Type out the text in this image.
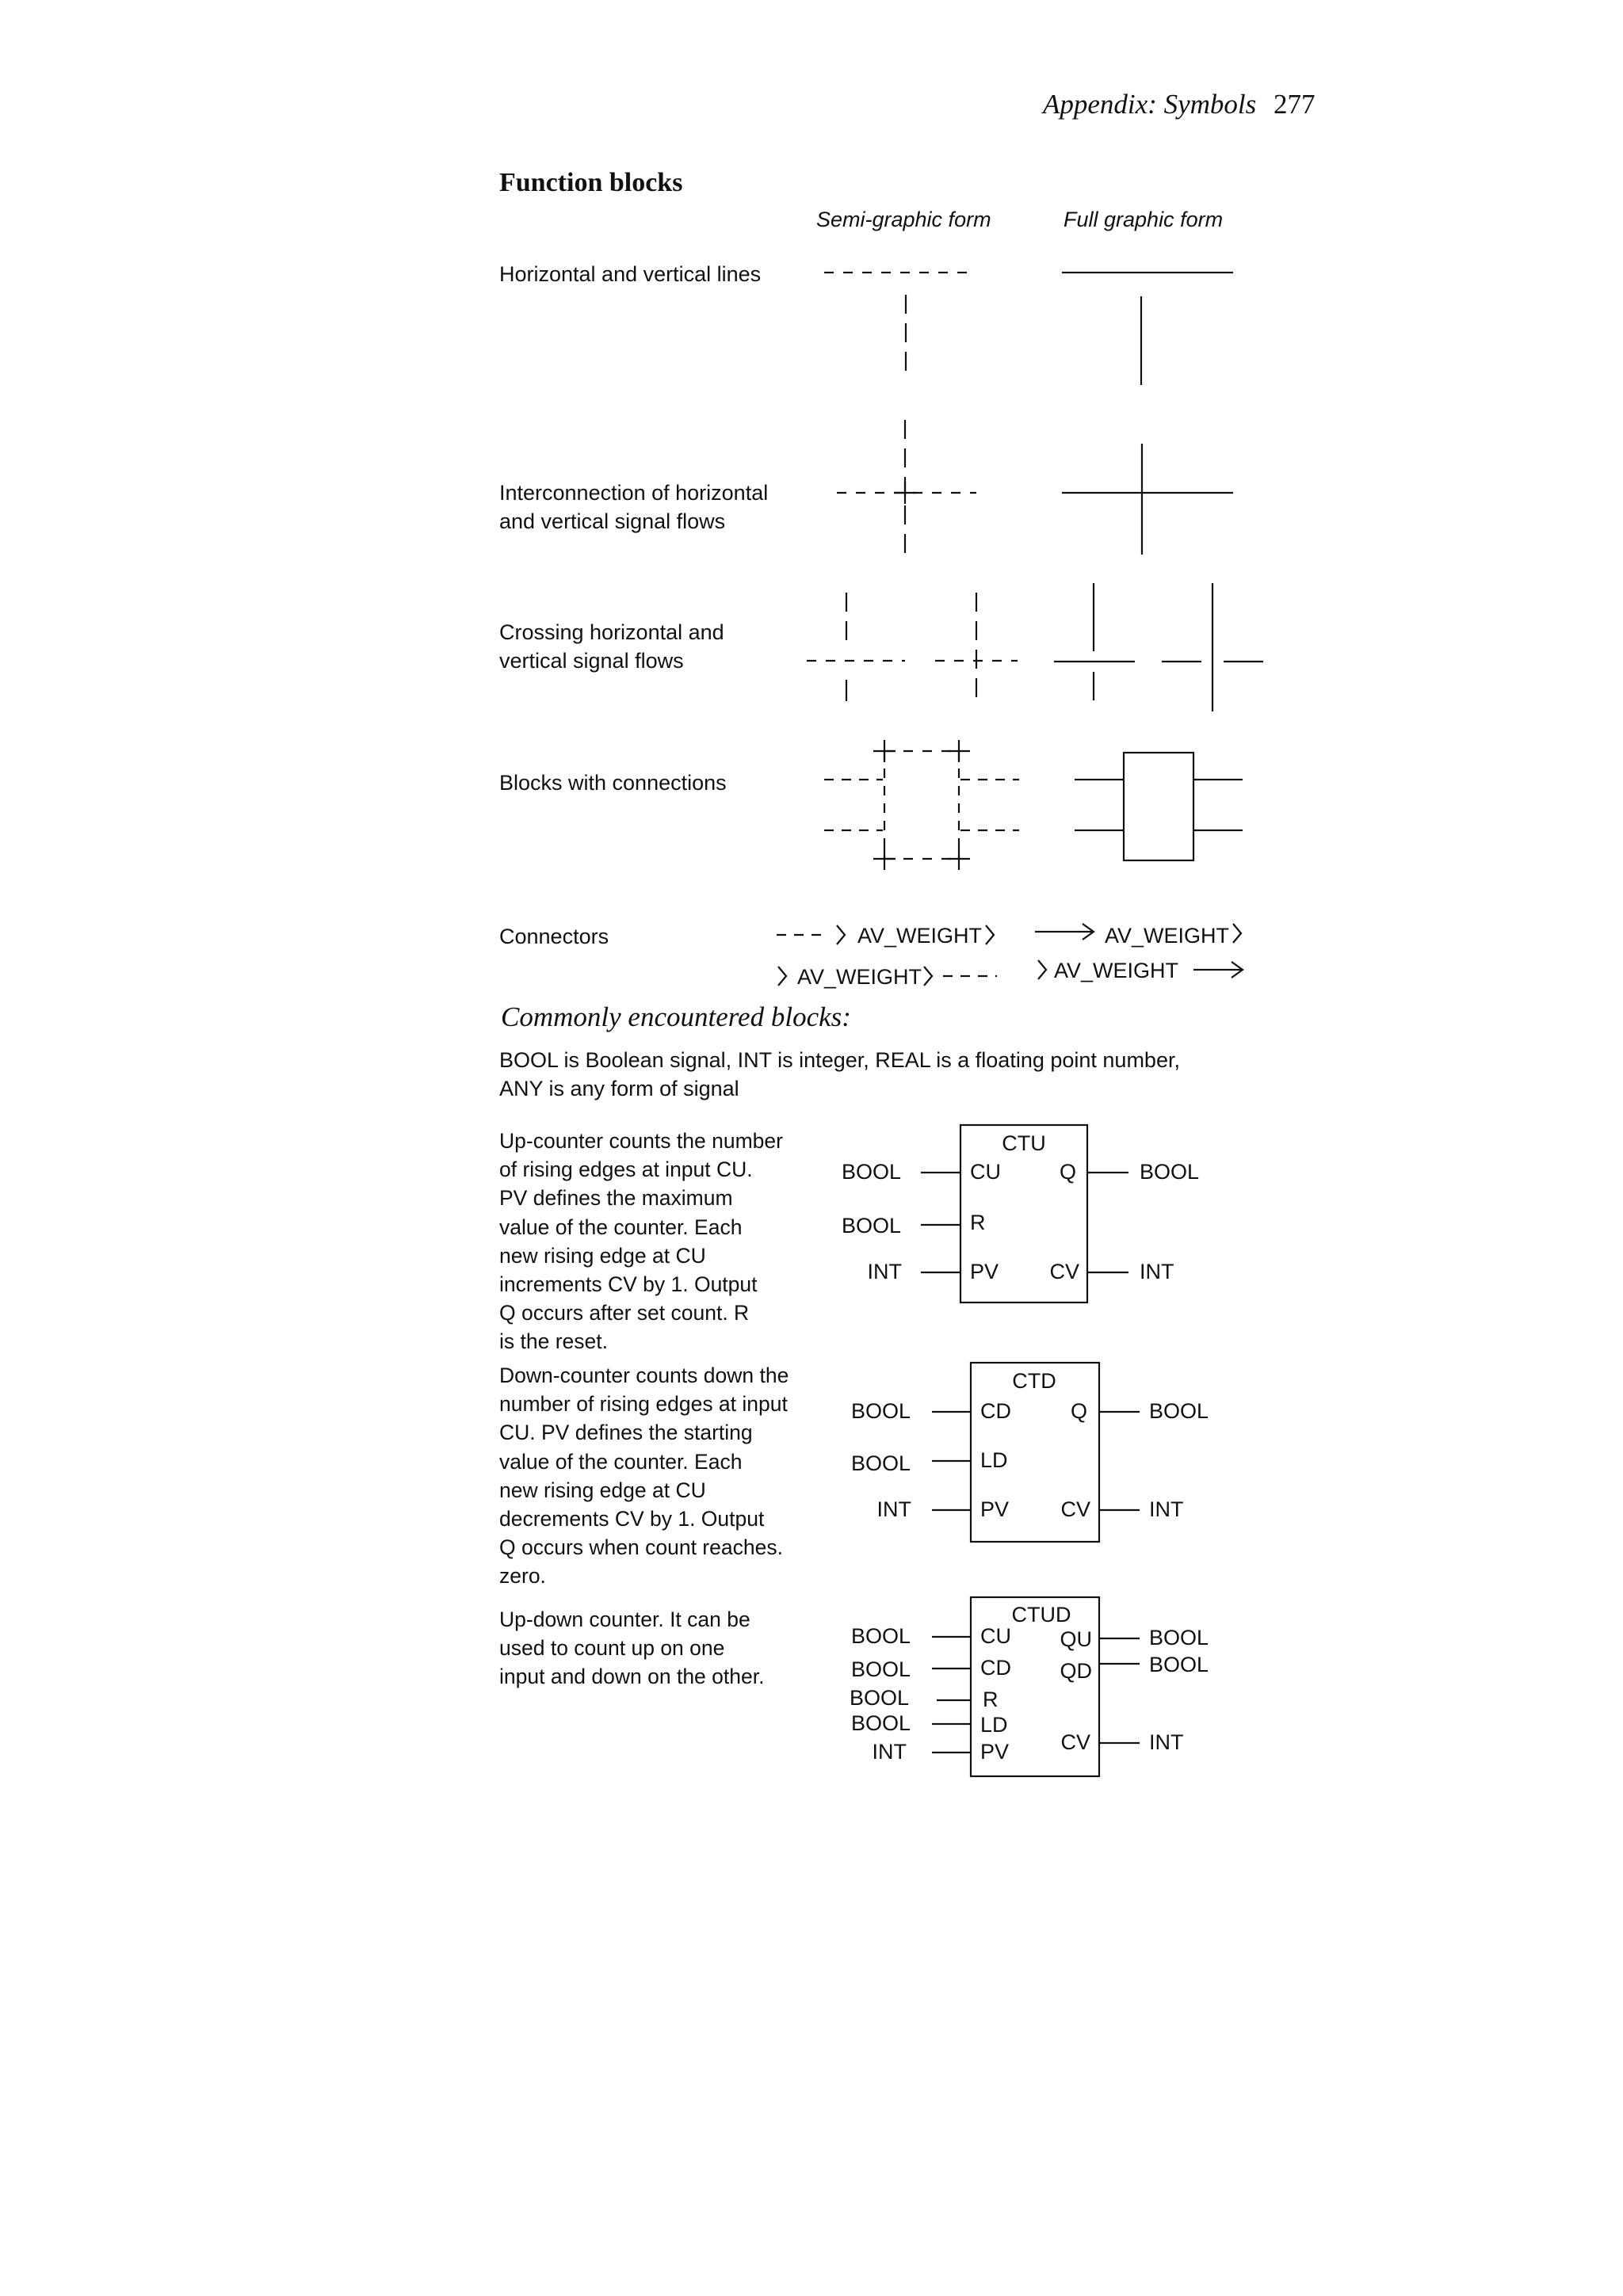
Appendix: Symbols 277
Function blocks
Semi-graphic form	Full graphic form
Horizontal and vertical lines
Interconnection of horizontal
and vertical signal flows
Crossing horizontal and
vertical signal flows
Blocks with connections
Connectors
Commonly encountered blocks:
BOOL is Boolean signal, INT is integer, REAL is a floating point number,
ANY is any form of signal
Up-counter counts the number
of rising edges at input CU.
PV defines the maximum
value of the counter. Each
new rising edge at CU
increments CV by 1. Output
Q occurs after set count. R
is the reset.
Down-counter counts down the
number of rising edges at input
CU. PV defines the starting
value of the counter. Each
new rising edge at CU
decrements CV by 1. Output
Q occurs when count reaches.
zero.
Up-down counter. It can be
used to count up on one
input and down on the other.
AV_WEIGHT
AV_WEIGHT
AV_WEIGHT
AV_WEIGHT
CTU
BOOL	CU
BOOL	R
INT	PV
Q	BOOL
CV	INT
CTD
BOOL	CD
BOOL	LD
INT	PV
Q	BOOL
CV	INT
CTUD
BOOL	CU
BOOL	CD
BOOL	R
BOOL	LD
INT	PV
QU	BOOL
QD	BOOL
CV	INT
